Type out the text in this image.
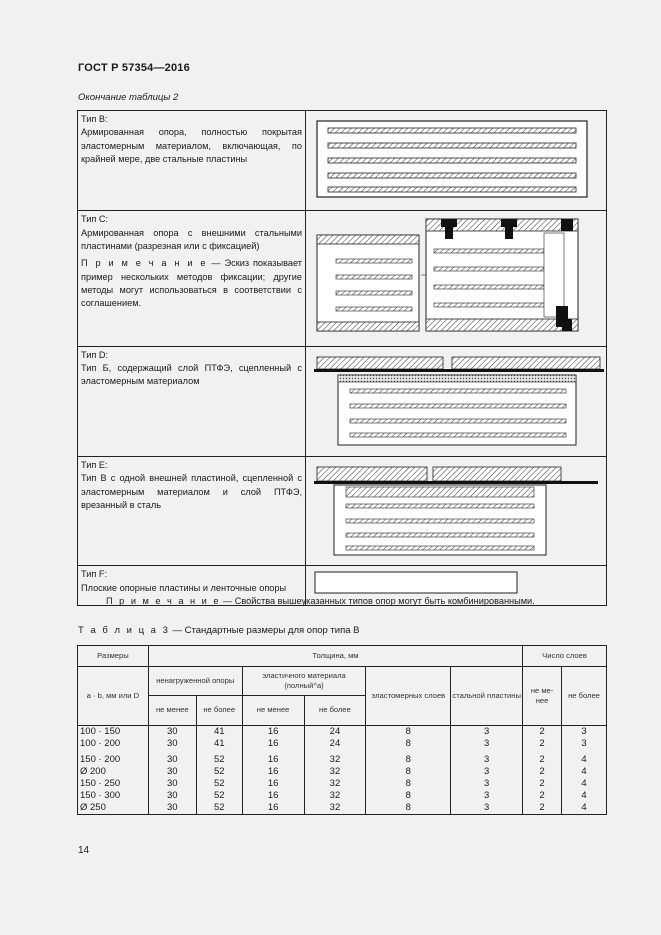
ГОСТ Р 57354—2016
Окончание таблицы 2
Тип B:
Армированная опора, полностью покрытая эластомерным материалом, включающая, по крайней мере, две стальные пластины

Тип C:
Армированная опора с внешними стальными пластинами (разрезная или с фиксацией)
П р и м е ч а н и е — Эскиз показывает пример нескольких методов фиксации; другие методы могут использоваться в соответствии с соглашением.

Тип D:
Тип Б, содержащий слой ПТФЭ, сцепленный с эластомерным материалом

Тип E:
Тип В с одной внешней пластиной, сцепленной с эластомерным материалом и слой ПТФЭ, врезанный в сталь

Тип F:
Плоские опорные пластины и ленточные опоры

П р и м е ч а н и е — Свойства вышеуказанных типов опор могут быть комбинированными.
Т а б л и ц а 3 — Стандартные размеры для опор типа B
Размеры	Толщина, мм						Число слоев	
a · b, мм или D	ненагруженной опоры		эластичного материала (полный^a)		эластомерных слоев	стальной пластины	не ме- нее	не более
	не менее	не более	не менее	не более				
100 · 150	30	41	16	24	8	3	2	3
100 · 200	30	41	16	24	8	3	2	3

150 · 200	30	52	16	32	8	3	2	4
Ø 200	30	52	16	32	8	3	2	4
150 · 250	30	52	16	32	8	3	2	4
150 · 300	30	52	16	32	8	3	2	4
Ø 250	30	52	16	32	8	3	2	4
14
